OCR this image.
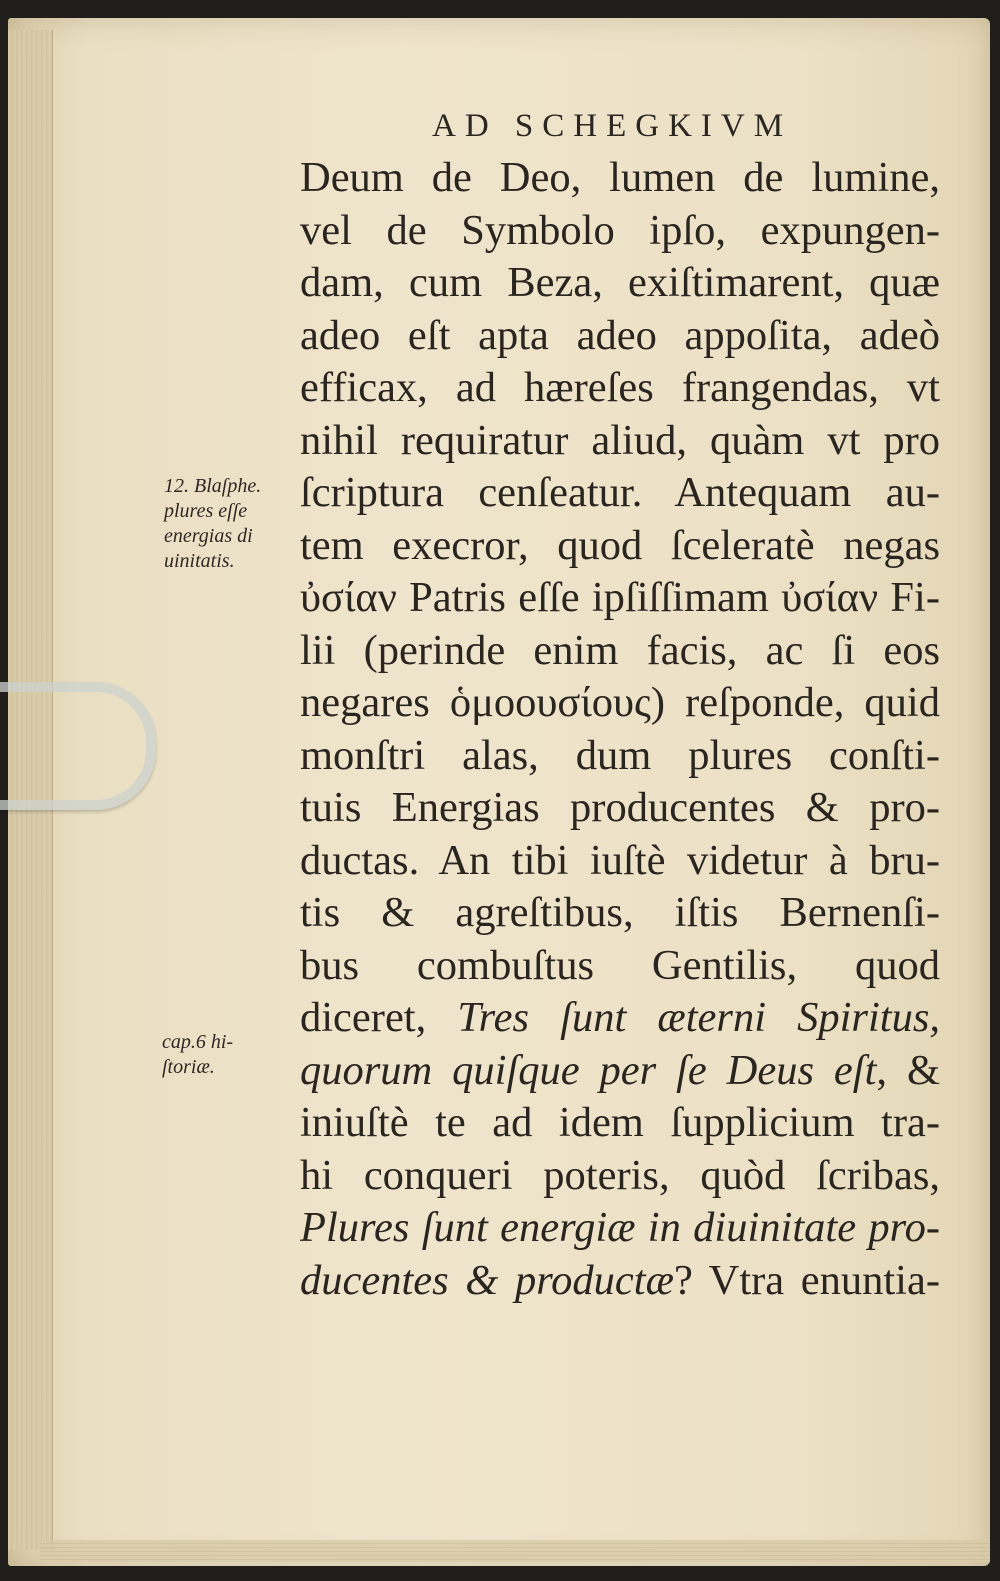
AD SCHEGKIVM
Deum de Deo, lumen de lumine,
vel de Symbolo ipſo, expungen-
dam, cum Beza, exiſtimarent, quæ
adeo eſt apta adeo appoſita, adeò
efficax, ad hæreſes frangendas, vt
nihil requiratur aliud, quàm vt pro
ſcriptura cenſeatur. Antequam au-
tem execror, quod ſceleratè negas
ὐσίαν Patris eſſe ipſiſſimam ὐσίαν Fi-
lii (perinde enim facis, ac ſi eos
negares ὁμοουσίους) reſponde, quid
monſtri alas, dum plures conſti-
tuis Energias producentes & pro-
ductas. An tibi iuſtè videtur à bru-
tis & agreſtibus, iſtis Bernenſi-
bus combuſtus Gentilis, quod
diceret, Tres ſunt æterni Spiritus,
quorum quiſque per ſe Deus eſt, &
iniuſtè te ad idem ſupplicium tra-
hi conqueri poteris, quòd ſcribas,
Plures ſunt energiæ in diuinitate pro-
ducentes & productæ? Vtra enuntia-
12. Blaſphe.
plures eſſe
energias di
uinitatis.
cap.6 hi-
ſtoriæ.
